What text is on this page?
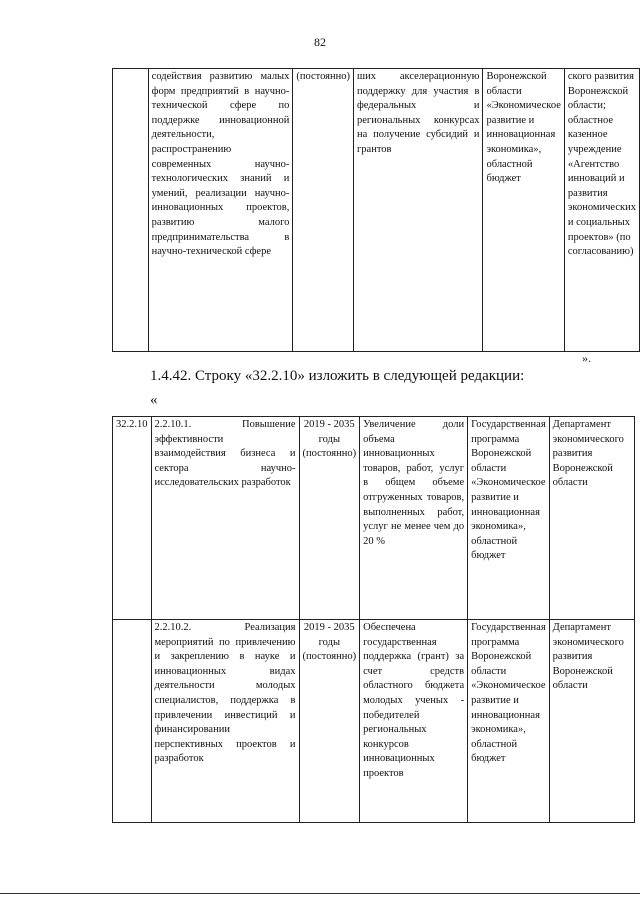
82
	содействия развитию малых форм предприятий в научно-технической сфере по поддержке инновационной деятельности, распространению современных научно-технологических знаний и умений, реализации научно-инновационных проектов, развитию малого предпринимательства в научно-технической сфере	(постоянно)	ших акселерационную поддержку для участия в федеральных и региональных конкурсах на получение субсидий и грантов	Воронежской области «Экономическое развитие и инновационная экономика», областной бюджет	ского развития Воронежской области; областное казенное учреждение «Агентство инноваций и развития экономических и социальных проектов» (по согласованию)
».
1.4.42. Строку «32.2.10» изложить в следующей редакции:
«
32.2.10	2.2.10.1. Повышение эффективности взаимодействия бизнеса и сектора научно-исследовательских разработок	2019 - 2035 годы (постоянно)	Увеличение доли объема инновационных товаров, работ, услуг в общем объеме отгруженных товаров, выполненных работ, услуг не менее чем до 20 %	Государственная программа Воронежской области «Экономическое развитие и инновационная экономика», областной бюджет	Департамент экономического развития Воронежской области
	2.2.10.2. Реализация мероприятий по привлечению и закреплению в науке и инновационных видах деятельности молодых специалистов, поддержка в привлечении инвестиций и финансировании перспективных проектов и разработок	2019 - 2035 годы (постоянно)	Обеспечена государственная поддержка (грант) за счет средств областного бюджета молодых ученых - победителей региональных конкурсов инновационных проектов	Государственная программа Воронежской области «Экономическое развитие и инновационная экономика», областной бюджет	Департамент экономического развития Воронежской области
